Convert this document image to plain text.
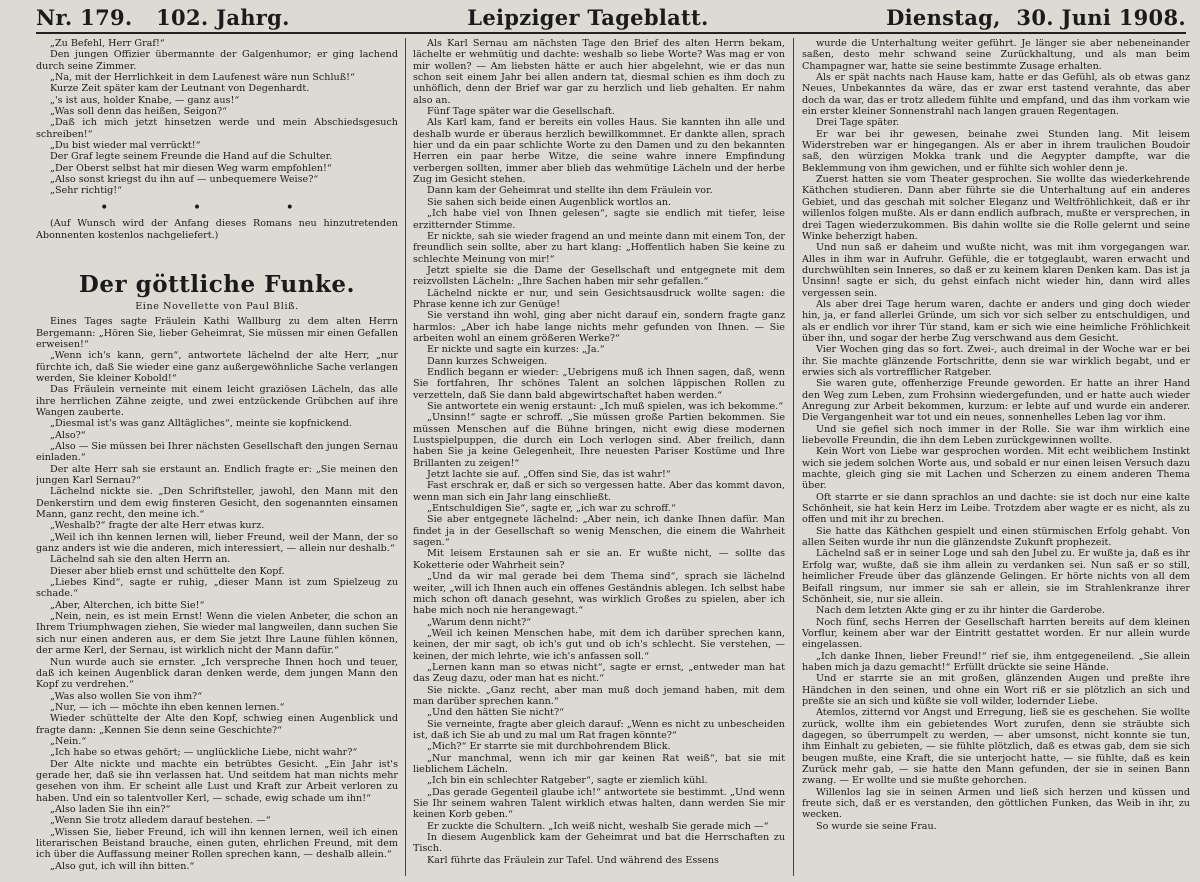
Nr. 179. 102. Jahrg.	Leipziger Tageblatt.	Dienstag, 30. Juni 1908.

„Zu Befehl, Herr Graf!“

Den jungen Offizier übermannte der Galgenhumor; er ging lachend durch seine Zimmer.

„Na, mit der Herrlichkeit in dem Laufenest wäre nun Schluß!“

Kurze Zeit später kam der Leutnant von Degenhardt.

„'s ist aus, holder Knabe, — ganz aus!“

„Was soll denn das heißen, Seigon?“

„Daß ich mich jetzt hinsetzen werde und mein Abschiedsgesuch schreiben!“

„Du bist wieder mal verrückt!“

Der Graf legte seinem Freunde die Hand auf die Schulter.

„Der Oberst selbst hat mir diesen Weg warm empfohlen!“

„Also sonst kriegst du ihn auf — unbequemere Weise?“

„Sehr richtig!“

• • •

(Auf Wunsch wird der Anfang dieses Romans neu hinzutretenden Abonnenten kostenlos nachgeliefert.)

Der göttliche Funke.
Eine Novellette von Paul Bliß.

Eines Tages sagte Fräulein Kathi Wallburg zu dem alten Herrn Bergemann: „Hören Sie, lieber Geheimrat, Sie müssen mir einen Gefallen erweisen!“

„Wenn ich's kann, gern“, antwortete lächelnd der alte Herr, „nur fürchte ich, daß Sie wieder eine ganz außergewöhnliche Sache verlangen werden, Sie kleiner Kobold!“

Das Fräulein verneinte mit einem leicht graziösen Lächeln, das alle ihre herrlichen Zähne zeigte, und zwei entzückende Grübchen auf ihre Wangen zauberte.

„Diesmal ist's was ganz Alltägliches“, meinte sie kopfnickend.

„Also?“

„Also — Sie müssen bei Ihrer nächsten Gesellschaft den jungen Sernau einladen.“

Der alte Herr sah sie erstaunt an. Endlich fragte er: „Sie meinen den jungen Karl Sernau?“

Lächelnd nickte sie. „Den Schriftsteller, jawohl, den Mann mit den Denkerstirn und dem ewig finsteren Gesicht, den sogenannten einsamen Mann, ganz recht, den meine ich.“

„Weshalb?“ fragte der alte Herr etwas kurz.

„Weil ich ihn kennen lernen will, lieber Freund, weil der Mann, der so ganz anders ist wie die anderen, mich interessiert, — allein nur deshalb.“

Lächelnd sah sie den alten Herrn an.

Dieser aber blieb ernst und schüttelte den Kopf.

„Liebes Kind“, sagte er ruhig, „dieser Mann ist zum Spielzeug zu schade.“

„Aber, Alterchen, ich bitte Sie!“

„Nein, nein, es ist mein Ernst! Wenn die vielen Anbeter, die schon an Ihrem Triumphwagen ziehen, Sie wieder mal langweilen, dann suchen Sie sich nur einen anderen aus, er dem Sie jetzt Ihre Laune fühlen können, der arme Kerl, der Sernau, ist wirklich nicht der Mann dafür.“

Nun wurde auch sie ernster. „Ich verspreche Ihnen hoch und teuer, daß ich keinen Augenblick daran denken werde, dem jungen Mann den Kopf zu verdrehen.“

„Was also wollen Sie von ihm?“

„Nur, — ich — möchte ihn eben kennen lernen.“

Wieder schüttelte der Alte den Kopf, schwieg einen Augenblick und fragte dann: „Kennen Sie denn seine Geschichte?“

„Nein.“

„Ich habe so etwas gehört; — unglückliche Liebe, nicht wahr?“

Der Alte nickte und machte ein betrübtes Gesicht. „Ein Jahr ist's gerade her, daß sie ihn verlassen hat. Und seitdem hat man nichts mehr gesehen von ihm. Er scheint alle Lust und Kraft zur Arbeit verloren zu haben. Und ein so talentvoller Kerl, — schade, ewig schade um ihn!“

„Also laden Sie ihn ein?“

„Wenn Sie trotz alledem darauf bestehen. —“

„Wissen Sie, lieber Freund, ich will ihn kennen lernen, weil ich einen literarischen Beistand brauche, einen guten, ehrlichen Freund, mit dem ich über die Auffassung meiner Rollen sprechen kann, — deshalb allein.“

„Also gut, ich will ihn bitten.“

Als Karl Sernau am nächsten Tage den Brief des alten Herrn bekam, lächelte er wehmütig und dachte: weshalb so liebe Worte? Was mag er von mir wollen? — Am liebsten hätte er auch hier abgelehnt, wie er das nun schon seit einem Jahr bei allen andern tat, diesmal schien es ihm doch zu unhöflich, denn der Brief war gar zu herzlich und lieb gehalten. Er nahm also an.

Fünf Tage später war die Gesellschaft.

Als Karl kam, fand er bereits ein volles Haus. Sie kannten ihn alle und deshalb wurde er überaus herzlich bewillkommnet. Er dankte allen, sprach hier und da ein paar schlichte Worte zu den Damen und zu den bekannten Herren ein paar herbe Witze, die seine wahre innere Empfindung verbergen sollten, immer aber blieb das wehmütige Lächeln und der herbe Zug im Gesicht stehen.

Dann kam der Geheimrat und stellte ihn dem Fräulein vor.

Sie sahen sich beide einen Augenblick wortlos an.

„Ich habe viel von Ihnen gelesen“, sagte sie endlich mit tiefer, leise erzitternder Stimme.

Er nickte, sah sie wieder fragend an und meinte dann mit einem Ton, der freundlich sein sollte, aber zu hart klang: „Hoffentlich haben Sie keine zu schlechte Meinung von mir!“

Jetzt spielte sie die Dame der Gesellschaft und entgegnete mit dem reizvollsten Lächeln: „Ihre Sachen haben mir sehr gefallen.“

Lächelnd nickte er nur, und sein Gesichtsausdruck wollte sagen: die Phrase kenne ich zur Genüge!

Sie verstand ihn wohl, ging aber nicht darauf ein, sondern fragte ganz harmlos: „Aber ich habe lange nichts mehr gefunden von Ihnen. — Sie arbeiten wohl an einem größeren Werke?“

Er nickte und sagte ein kurzes: „Ja.“

Dann kurzes Schweigen.

Endlich begann er wieder: „Uebrigens muß ich Ihnen sagen, daß, wenn Sie fortfahren, Ihr schönes Talent an solchen läppischen Rollen zu verzetteln, daß Sie dann bald abgewirtschaftet haben werden.“

Sie antwortete ein wenig erstaunt: „Ich muß spielen, was ich bekomme.“

„Unsinn!“ sagte er schroff. „Sie müssen große Partien bekommen. Sie müssen Menschen auf die Bühne bringen, nicht ewig diese modernen Lustspielpuppen, die durch ein Loch verlogen sind. Aber freilich, dann haben Sie ja keine Gelegenheit, Ihre neuesten Pariser Kostüme und Ihre Brillanten zu zeigen!“

Jetzt lachte sie auf. „Offen sind Sie, das ist wahr!“

Fast erschrak er, daß er sich so vergessen hatte. Aber das kommt davon, wenn man sich ein Jahr lang einschließt.

„Entschuldigen Sie“, sagte er, „ich war zu schroff.“

Sie aber entgegnete lächelnd: „Aber nein, ich danke Ihnen dafür. Man findet ja in der Gesellschaft so wenig Menschen, die einem die Wahrheit sagen.“

Mit leisem Erstaunen sah er sie an. Er wußte nicht, — sollte das Koketterie oder Wahrheit sein?

„Und da wir mal gerade bei dem Thema sind“, sprach sie lächelnd weiter, „will ich Ihnen auch ein offenes Geständnis ablegen. Ich selbst habe mich schon oft danach gesehnt, was wirklich Großes zu spielen, aber ich habe mich noch nie herangewagt.“

„Warum denn nicht?“

„Weil ich keinen Menschen habe, mit dem ich darüber sprechen kann, keinen, der mir sagt, ob ich's gut und ob ich's schlecht. Sie verstehen, — keinen, der mich lehrte, wie ich's anfassen soll.“

„Lernen kann man so etwas nicht“, sagte er ernst, „entweder man hat das Zeug dazu, oder man hat es nicht.“

Sie nickte. „Ganz recht, aber man muß doch jemand haben, mit dem man darüber sprechen kann.“

„Und den hätten Sie nicht?“

Sie verneinte, fragte aber gleich darauf: „Wenn es nicht zu unbescheiden ist, daß ich Sie ab und zu mal um Rat fragen könnte?“

„Mich?“ Er starrte sie mit durchbohrendem Blick.

„Nur manchmal, wenn ich mir gar keinen Rat weiß“, bat sie mit lieblichem Lächeln.

„Ich bin ein schlechter Ratgeber“, sagte er ziemlich kühl.

„Das gerade Gegenteil glaube ich!“ antwortete sie bestimmt. „Und wenn Sie Ihr seinem wahren Talent wirklich etwas halten, dann werden Sie mir keinen Korb geben.“

Er zuckte die Schultern. „Ich weiß nicht, weshalb Sie gerade mich —“

In diesem Augenblick kam der Geheimrat und bat die Herrschaften zu Tisch.

Karl führte das Fräulein zur Tafel. Und während des Essens

wurde die Unterhaltung weiter geführt. Je länger sie aber nebeneinander saßen, desto mehr schwand seine Zurückhaltung, und als man beim Champagner war, hatte sie seine bestimmte Zusage erhalten.

Als er spät nachts nach Hause kam, hatte er das Gefühl, als ob etwas ganz Neues, Unbekanntes da wäre, das er zwar erst tastend verahnte, das aber doch da war, das er trotz alledem fühlte und empfand, und das ihm vorkam wie ein erster kleiner Sonnenstrahl nach langen grauen Regentagen.

Drei Tage später.

Er war bei ihr gewesen, beinahe zwei Stunden lang. Mit leisem Widerstreben war er hingegangen. Als er aber in ihrem traulichen Boudoir saß, den würzigen Mokka trank und die Aegypter dampfte, war die Beklemmung von ihm gewichen, und er fühlte sich wohler denn je.

Zuerst hatten sie vom Theater gesprochen. Sie wollte das wiederkehrende Käthchen studieren. Dann aber führte sie die Unterhaltung auf ein anderes Gebiet, und das geschah mit solcher Eleganz und Weltfröhlichkeit, daß er ihr willenlos folgen mußte. Als er dann endlich aufbrach, mußte er versprechen, in drei Tagen wiederzukommen. Bis dahin wollte sie die Rolle gelernt und seine Winke beherzigt haben.

Und nun saß er daheim und wußte nicht, was mit ihm vorgegangen war. Alles in ihm war in Aufruhr. Gefühle, die er totgeglaubt, waren erwacht und durchwühlten sein Inneres, so daß er zu keinem klaren Denken kam. Das ist ja Unsinn! sagte er sich, du gehst einfach nicht wieder hin, dann wird alles vergessen sein.

Als aber drei Tage herum waren, dachte er anders und ging doch wieder hin, ja, er fand allerlei Gründe, um sich vor sich selber zu entschuldigen, und als er endlich vor ihrer Tür stand, kam er sich wie eine heimliche Fröhlichkeit über ihn, und sogar der herbe Zug verschwand aus dem Gesicht.

Vier Wochen ging das so fort. Zwei-, auch dreimal in der Woche war er bei ihr. Sie machte glänzende Fortschritte, denn sie war wirklich begabt, und er erwies sich als vortrefflicher Ratgeber.

Sie waren gute, offenherzige Freunde geworden. Er hatte an ihrer Hand den Weg zum Leben, zum Frohsinn wiedergefunden, und er hatte auch wieder Anregung zur Arbeit bekommen, kurzum: er lebte auf und wurde ein anderer. Die Vergangenheit war tot und ein neues, sonnenhelles Leben lag vor ihm.

Und sie gefiel sich noch immer in der Rolle. Sie war ihm wirklich eine liebevolle Freundin, die ihn dem Leben zurückgewinnen wollte.

Kein Wort von Liebe war gesprochen worden. Mit echt weiblichem Instinkt wich sie jedem solchen Worte aus, und sobald er nur einen leisen Versuch dazu machte, gleich ging sie mit Lachen und Scherzen zu einem anderen Thema über.

Oft starrte er sie dann sprachlos an und dachte: sie ist doch nur eine kalte Schönheit, sie hat kein Herz im Leibe. Trotzdem aber wagte er es nicht, als zu offen und mit ihr zu brechen.

Sie hatte das Käthchen gespielt und einen stürmischen Erfolg gehabt. Von allen Seiten wurde ihr nun die glänzendste Zukunft prophezeit.

Lächelnd saß er in seiner Loge und sah den Jubel zu. Er wußte ja, daß es ihr Erfolg war, wußte, daß sie ihm allein zu verdanken sei. Nun saß er so still, heimlicher Freude über das glänzende Gelingen. Er hörte nichts von all dem Beifall ringsum, nur immer sie sah er allein, sie im Strahlenkranze ihrer Schönheit, sie, nur sie allein.

Nach dem letzten Akte ging er zu ihr hinter die Garderobe.

Noch fünf, sechs Herren der Gesellschaft harrten bereits auf dem kleinen Vorflur, keinem aber war der Eintritt gestattet worden. Er nur allein wurde eingelassen.

„Ich danke Ihnen, lieber Freund!“ rief sie, ihm entgegeneilend. „Sie allein haben mich ja dazu gemacht!“ Erfüllt drückte sie seine Hände.

Und er starrte sie an mit großen, glänzenden Augen und preßte ihre Händchen in den seinen, und ohne ein Wort riß er sie plötzlich an sich und preßte sie an sich und küßte sie voll wilder, lodernder Liebe.

Atemlos, zitternd vor Angst und Erregung, ließ sie es geschehen. Sie wollte zurück, wollte ihm ein gebietendes Wort zurufen, denn sie sträubte sich dagegen, so überrumpelt zu werden, — aber umsonst, nicht konnte sie tun, ihm Einhalt zu gebieten, — sie fühlte plötzlich, daß es etwas gab, dem sie sich beugen mußte, eine Kraft, die sie unterjocht hatte, — sie fühlte, daß es kein Zurück mehr gab, — sie hatte den Mann gefunden, der sie in seinen Bann zwang. — Er wollte und sie mußte gehorchen.

Willenlos lag sie in seinen Armen und ließ sich herzen und küssen und freute sich, daß er es verstanden, den göttlichen Funken, das Weib in ihr, zu wecken.

So wurde sie seine Frau.
